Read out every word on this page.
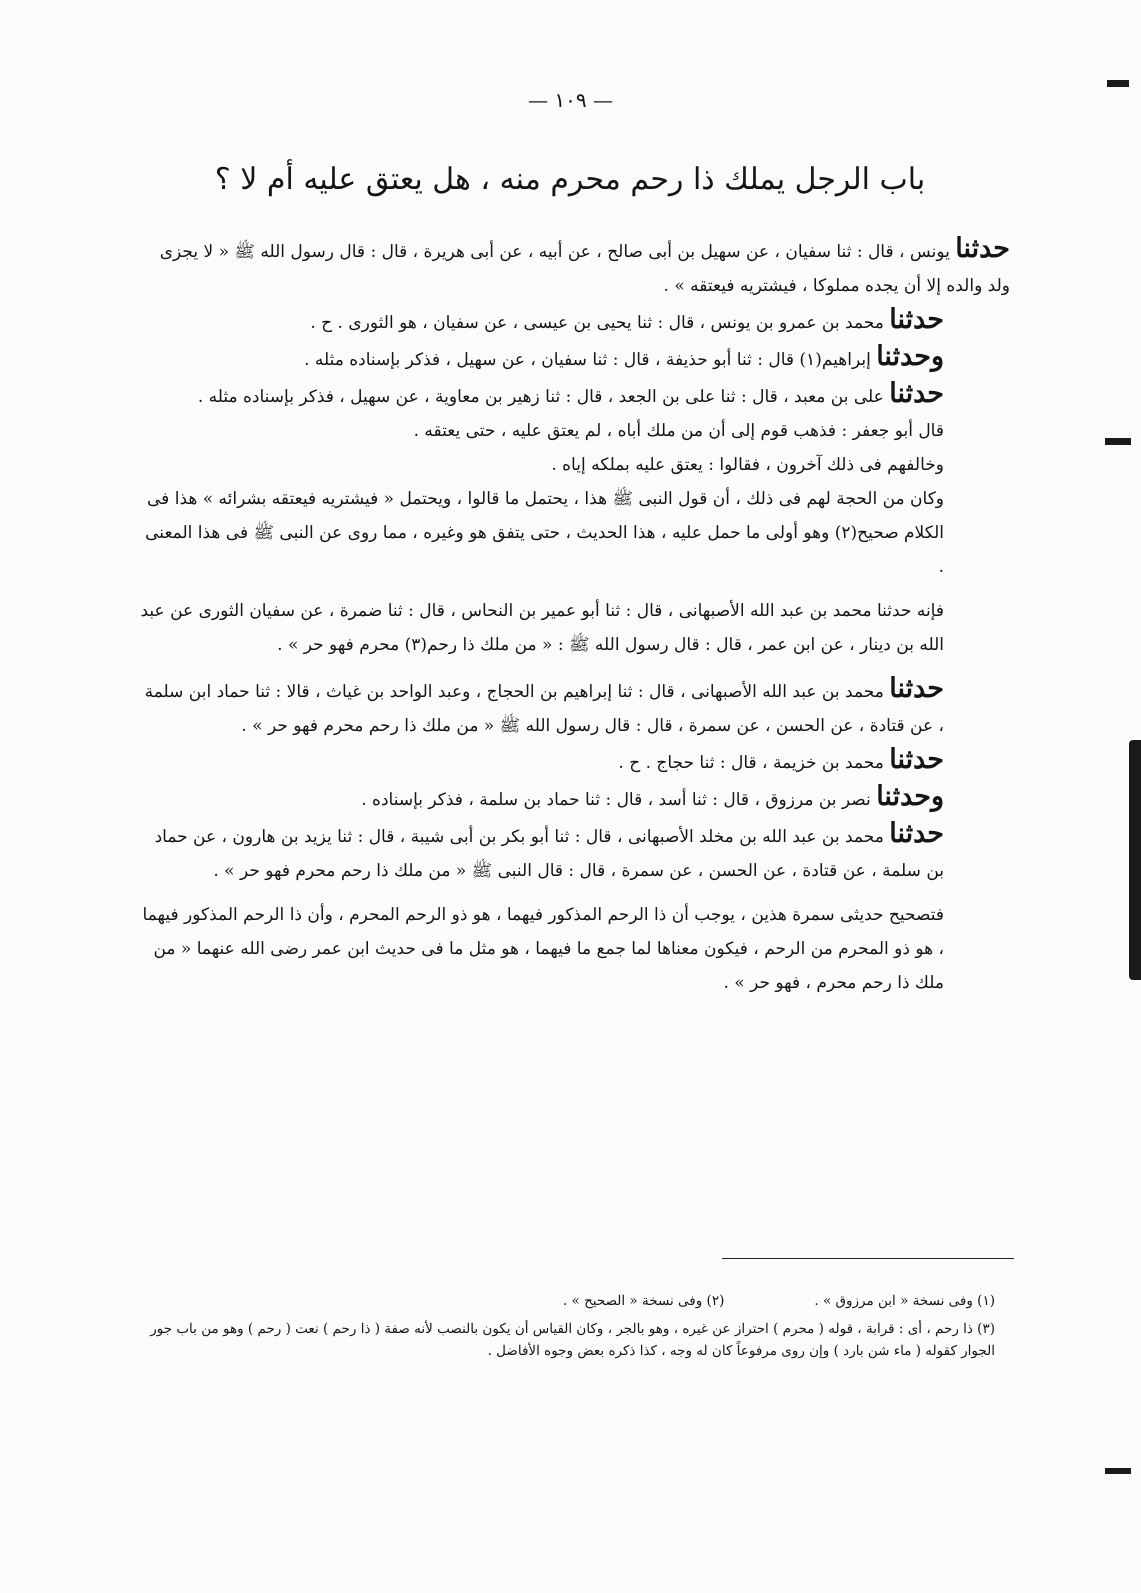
— ١٠٩ —
باب الرجل يملك ذا رحم محرم منه ، هل يعتق عليه أم لا ؟

حدثنا يونس ، قال : ثنا سفيان ، عن سهيل بن أبى صالح ، عن أبيه ، عن أبى هريرة ، قال : قال رسول الله ﷺ « لا يجزى ولد والده إلا أن يجده مملوكا ، فيشتريه فيعتقه » .

حدثنا محمد بن عمرو بن يونس ، قال : ثنا يحيى بن عيسى ، عن سفيان ، هو الثورى . ح .

وحدثنا إبراهيم(١) قال : ثنا أبو حذيفة ، قال : ثنا سفيان ، عن سهيل ، فذكر بإسناده مثله .

حدثنا على بن معبد ، قال : ثنا على بن الجعد ، قال : ثنا زهير بن معاوية ، عن سهيل ، فذكر بإسناده مثله .

قال أبو جعفر : فذهب قوم إلى أن من ملك أباه ، لم يعتق عليه ، حتى يعتقه .

وخالفهم فى ذلك آخرون ، فقالوا : يعتق عليه بملكه إياه .

وكان من الحجة لهم فى ذلك ، أن قول النبى ﷺ هذا ، يحتمل ما قالوا ، ويحتمل « فيشتريه فيعتقه بشرائه » هذا فى الكلام صحيح(٢) وهو أولى ما حمل عليه ، هذا الحديث ، حتى يتفق هو وغيره ، مما روى عن النبى ﷺ فى هذا المعنى .

فإنه حدثنا محمد بن عبد الله الأصبهانى ، قال : ثنا أبو عمير بن النحاس ، قال : ثنا ضمرة ، عن سفيان الثورى عن عبد الله بن دينار ، عن ابن عمر ، قال : قال رسول الله ﷺ : « من ملك ذا رحم(٣) محرم فهو حر » .

حدثنا محمد بن عبد الله الأصبهانى ، قال : ثنا إبراهيم بن الحجاج ، وعبد الواحد بن غياث ، قالا : ثنا حماد ابن سلمة ، عن قتادة ، عن الحسن ، عن سمرة ، قال : قال رسول الله ﷺ « من ملك ذا رحم محرم فهو حر » .

حدثنا محمد بن خزيمة ، قال : ثنا حجاج . ح .

وحدثنا نصر بن مرزوق ، قال : ثنا أسد ، قال : ثنا حماد بن سلمة ، فذكر بإسناده .

حدثنا محمد بن عبد الله بن مخلد الأصبهانى ، قال : ثنا أبو بكر بن أبى شيبة ، قال : ثنا يزيد بن هارون ، عن حماد بن سلمة ، عن قتادة ، عن الحسن ، عن سمرة ، قال : قال النبى ﷺ « من ملك ذا رحم محرم فهو حر » .

فتصحيح حديثى سمرة هذين ، يوجب أن ذا الرحم المذكور فيهما ، هو ذو الرحم المحرم ، وأن ذا الرحم المذكور فيهما ، هو ذو المحرم من الرحم ، فيكون معناها لما جمع ما فيهما ، هو مثل ما فى حديث ابن عمر رضى الله عنهما « من ملك ذا رحم محرم ، فهو حر » .

(١) وفى نسخة « ابن مرزوق » .

(٢) وفى نسخة « الصحيح » .

(٣) ذا رحم ، أى : قرابة ، قوله ( محرم ) احتراز عن غيره ، وهو بالجر ، وكان القياس أن يكون بالنصب لأنه صفة ( ذا رحم ) نعت ( رحم ) وهو من باب جور الجوار كقوله ( ماء شن بارد ) وإن روى مرفوعاً كان له وجه ، كذا ذكره بعض وجوه الأفاضل .
